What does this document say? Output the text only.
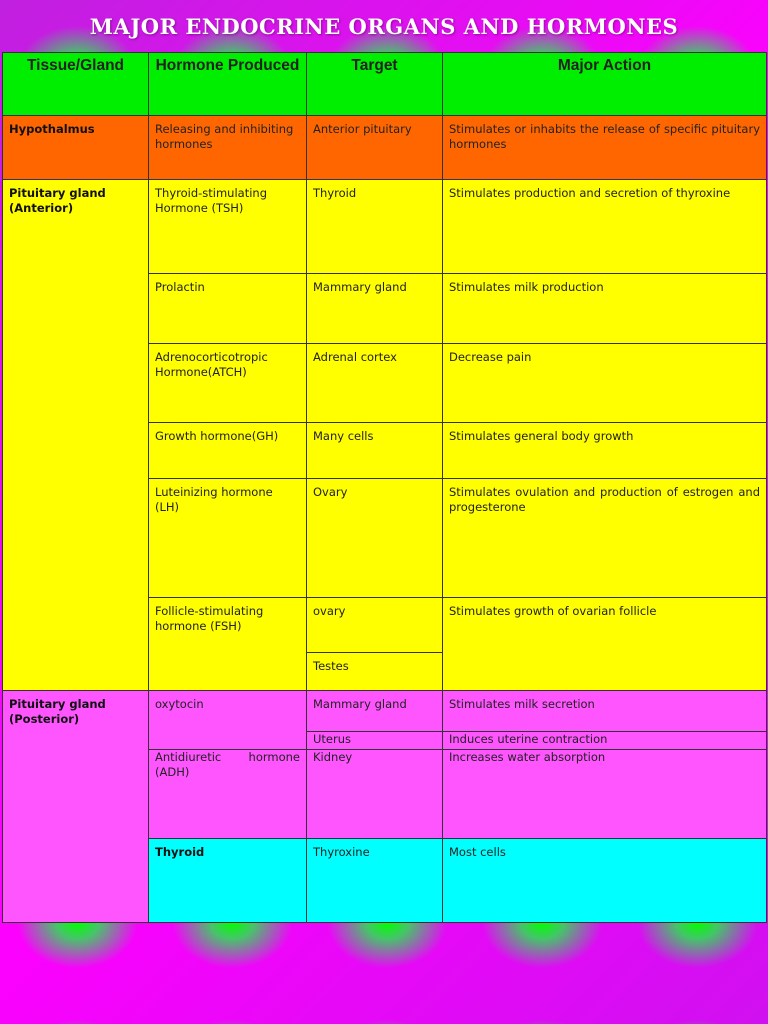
MAJOR ENDOCRINE ORGANS AND HORMONES
Tissue/Gland	Hormone Produced	Target	Major Action	
Hypothalmus	Releasing and inhibiting hormones	Anterior pituitary	Stimulates or inhabits the release of specific pituitary hormones	
Pituitary gland (Anterior)	Thyroid-stimulating Hormone (TSH)	Thyroid	Stimulates production and secretion of thyroxine	
	Prolactin	Mammary gland	Stimulates milk production	
	Adrenocorticotropic Hormone(ATCH)	Adrenal cortex	Decrease pain	
	Growth hormone(GH)	Many cells	Stimulates general body growth	
	Luteinizing hormone (LH)	Ovary	Stimulates ovulation and production of estrogen and progesterone	
	Follicle-stimulating hormone (FSH)	ovary	Stimulates growth of ovarian follicle	
		Testes		
Pituitary gland (Posterior)	oxytocin	Mammary gland	Stimulates milk secretion	
		Uterus	Induces uterine contraction	
	Antidiuretic hormone (ADH)	Kidney	Increases water absorption	
	Thyroid	Thyroxine	Most cells	
